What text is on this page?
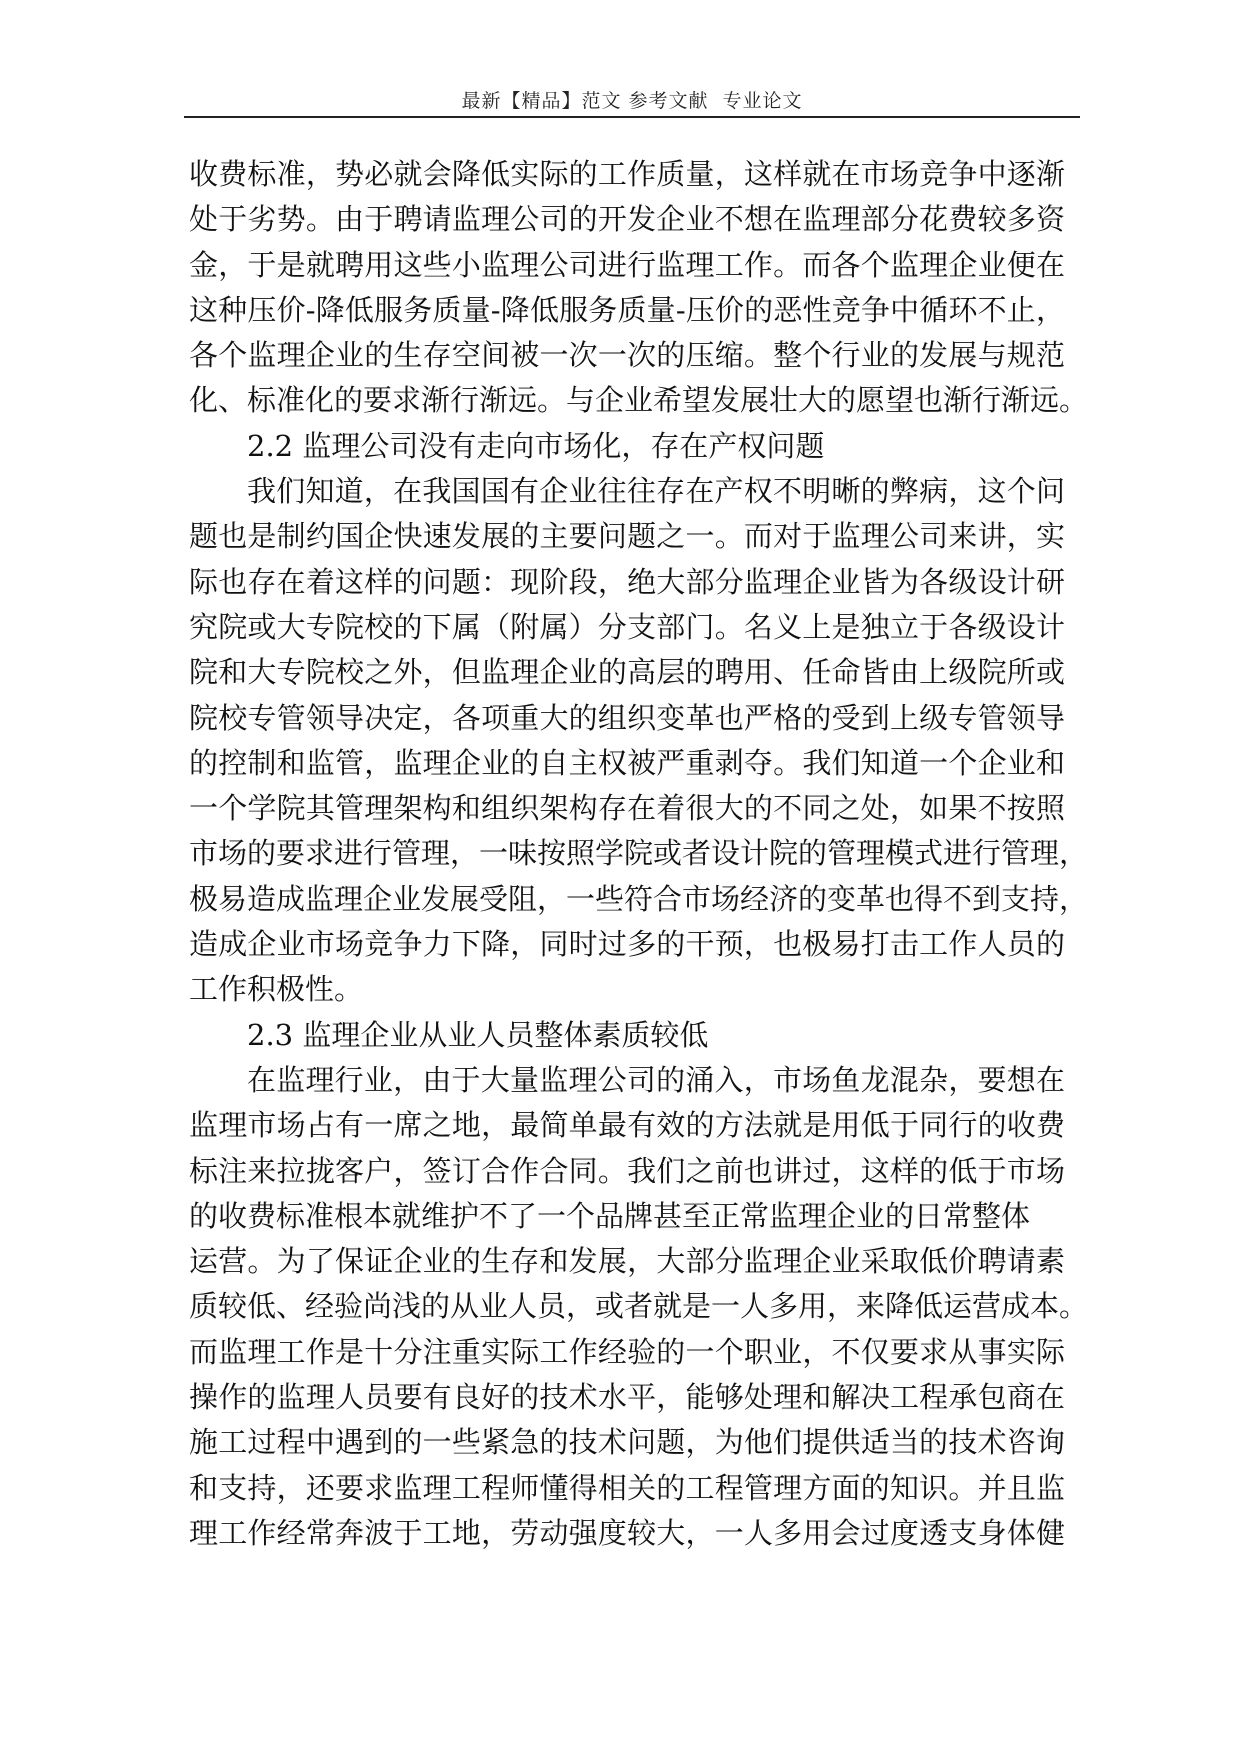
最新【精品】范文 参考文献  专业论文
收费标准，势必就会降低实际的工作质量，这样就在市场竞争中逐渐
处于劣势。由于聘请监理公司的开发企业不想在监理部分花费较多资
金，于是就聘用这些小监理公司进行监理工作。而各个监理企业便在
这种压价-降低服务质量-降低服务质量-压价的恶性竞争中循环不止，
各个监理企业的生存空间被一次一次的压缩。整个行业的发展与规范
化、标准化的要求渐行渐远。与企业希望发展壮大的愿望也渐行渐远。
2.2 监理公司没有走向市场化，存在产权问题
我们知道，在我国国有企业往往存在产权不明晰的弊病，这个问
题也是制约国企快速发展的主要问题之一。而对于监理公司来讲，实
际也存在着这样的问题：现阶段，绝大部分监理企业皆为各级设计研
究院或大专院校的下属（附属）分支部门。名义上是独立于各级设计
院和大专院校之外，但监理企业的高层的聘用、任命皆由上级院所或
院校专管领导决定，各项重大的组织变革也严格的受到上级专管领导
的控制和监管，监理企业的自主权被严重剥夺。我们知道一个企业和
一个学院其管理架构和组织架构存在着很大的不同之处，如果不按照
市场的要求进行管理，一味按照学院或者设计院的管理模式进行管理，
极易造成监理企业发展受阻，一些符合市场经济的变革也得不到支持，
造成企业市场竞争力下降，同时过多的干预，也极易打击工作人员的
工作积极性。
2.3 监理企业从业人员整体素质较低
在监理行业，由于大量监理公司的涌入，市场鱼龙混杂，要想在
监理市场占有一席之地，最简单最有效的方法就是用低于同行的收费
标注来拉拢客户，签订合作合同。我们之前也讲过，这样的低于市场
的收费标准根本就维护不了一个品牌甚至正常监理企业的日常整体
运营。为了保证企业的生存和发展，大部分监理企业采取低价聘请素
质较低、经验尚浅的从业人员，或者就是一人多用，来降低运营成本。
而监理工作是十分注重实际工作经验的一个职业，不仅要求从事实际
操作的监理人员要有良好的技术水平，能够处理和解决工程承包商在
施工过程中遇到的一些紧急的技术问题，为他们提供适当的技术咨询
和支持，还要求监理工程师懂得相关的工程管理方面的知识。并且监
理工作经常奔波于工地，劳动强度较大，一人多用会过度透支身体健
